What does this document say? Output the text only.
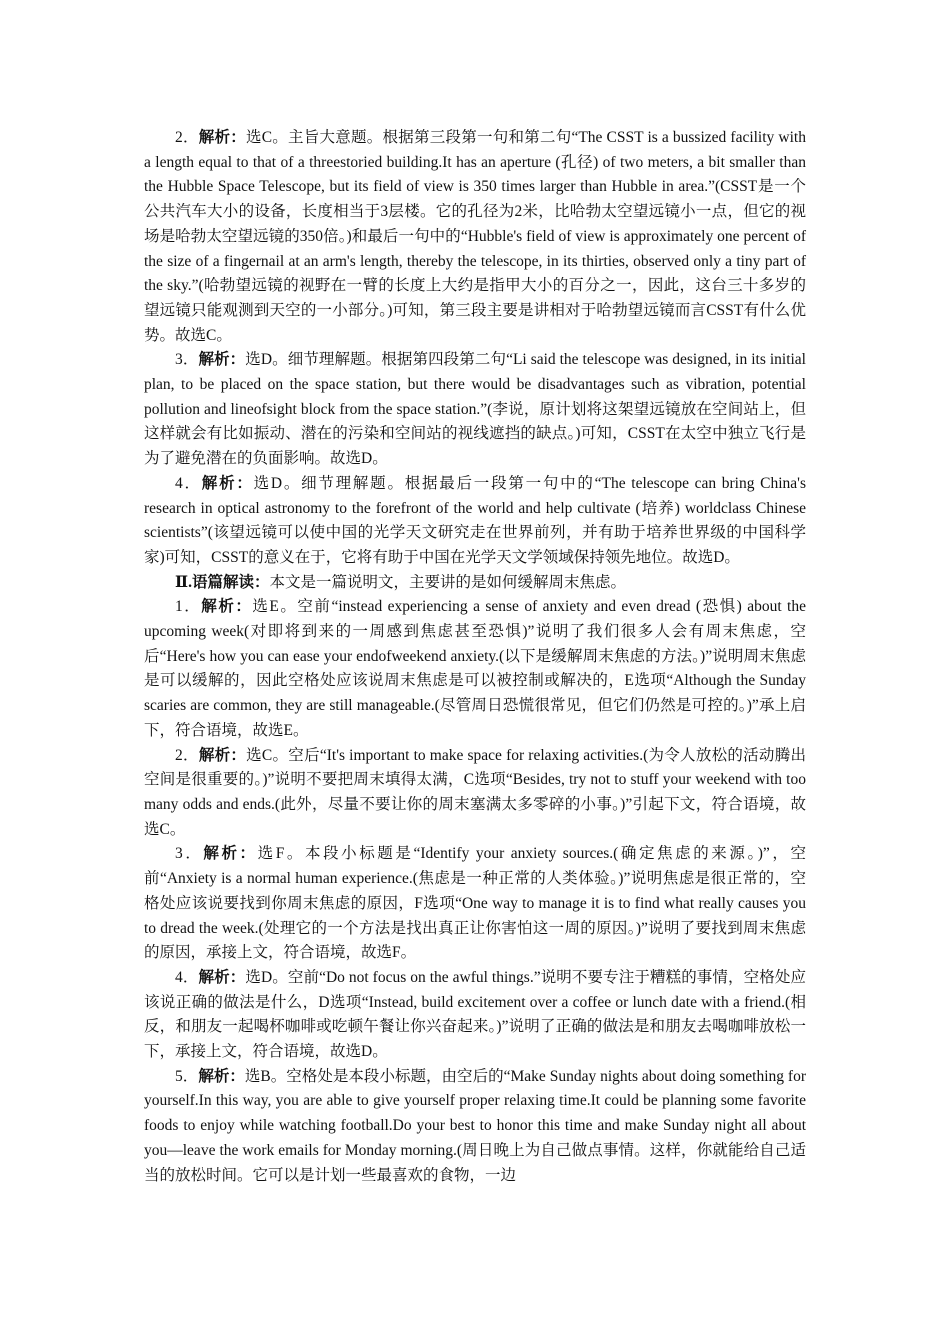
2．解析：选C。主旨大意题。根据第三段第一句和第二句“The CSST is a bussized facility with a length equal to that of a threestoried building.It has an aperture (孔径) of two meters, a bit smaller than the Hubble Space Telescope, but its field of view is 350 times larger than Hubble in area.”(CSST是一个公共汽车大小的设备，长度相当于3层楼。它的孔径为2米，比哈勃太空望远镜小一点，但它的视场是哈勃太空望远镜的350倍。)和最后一句中的“Hubble's field of view is approximately one percent of the size of a fingernail at an arm's length, thereby the telescope, in its thirties, observed only a tiny part of the sky.”(哈勃望远镜的视野在一臂的长度上大约是指甲大小的百分之一，因此，这台三十多岁的望远镜只能观测到天空的一小部分。)可知，第三段主要是讲相对于哈勃望远镜而言CSST有什么优势。故选C。

3．解析：选D。细节理解题。根据第四段第二句“Li said the telescope was designed, in its initial plan, to be placed on the space station, but there would be disadvantages such as vibration, potential pollution and lineofsight block from the space station.”(李说，原计划将这架望远镜放在空间站上，但这样就会有比如振动、潜在的污染和空间站的视线遮挡的缺点。)可知，CSST在太空中独立飞行是为了避免潜在的负面影响。故选D。

4．解析：选D。细节理解题。根据最后一段第一句中的“The telescope can bring China's research in optical astronomy to the forefront of the world and help cultivate (培养) worldclass Chinese scientists”(该望远镜可以使中国的光学天文研究走在世界前列，并有助于培养世界级的中国科学家)可知，CSST的意义在于，它将有助于中国在光学天文学领域保持领先地位。故选D。

Ⅱ.语篇解读：本文是一篇说明文，主要讲的是如何缓解周末焦虑。

1．解析：选E。空前“instead experiencing a sense of anxiety and even dread (恐惧) about the upcoming week(对即将到来的一周感到焦虑甚至恐惧)”说明了我们很多人会有周末焦虑，空后“Here's how you can ease your endofweekend anxiety.(以下是缓解周末焦虑的方法。)”说明周末焦虑是可以缓解的，因此空格处应该说周末焦虑是可以被控制或解决的，E选项“Although the Sunday scaries are common, they are still manageable.(尽管周日恐慌很常见，但它们仍然是可控的。)”承上启下，符合语境，故选E。

2．解析：选C。空后“It's important to make space for relaxing activities.(为令人放松的活动腾出空间是很重要的。)”说明不要把周末填得太满，C选项“Besides, try not to stuff your weekend with too many odds and ends.(此外，尽量不要让你的周末塞满太多零碎的小事。)”引起下文，符合语境，故选C。

3．解析：选F。本段小标题是“Identify your anxiety sources.(确定焦虑的来源。)”，空前“Anxiety is a normal human experience.(焦虑是一种正常的人类体验。)”说明焦虑是很正常的，空格处应该说要找到你周末焦虑的原因，F选项“One way to manage it is to find what really causes you to dread the week.(处理它的一个方法是找出真正让你害怕这一周的原因。)”说明了要找到周末焦虑的原因，承接上文，符合语境，故选F。

4．解析：选D。空前“Do not focus on the awful things.”说明不要专注于糟糕的事情，空格处应该说正确的做法是什么，D选项“Instead, build excitement over a coffee or lunch date with a friend.(相反，和朋友一起喝杯咖啡或吃顿午餐让你兴奋起来。)”说明了正确的做法是和朋友去喝咖啡放松一下，承接上文，符合语境，故选D。

5．解析：选B。空格处是本段小标题，由空后的“Make Sunday nights about doing something for yourself.In this way, you are able to give yourself proper relaxing time.It could be planning some favorite foods to enjoy while watching football.Do your best to honor this time and make Sunday night all about you—leave the work emails for Monday morning.(周日晚上为自己做点事情。这样，你就能给自己适当的放松时间。它可以是计划一些最喜欢的食物，一边
